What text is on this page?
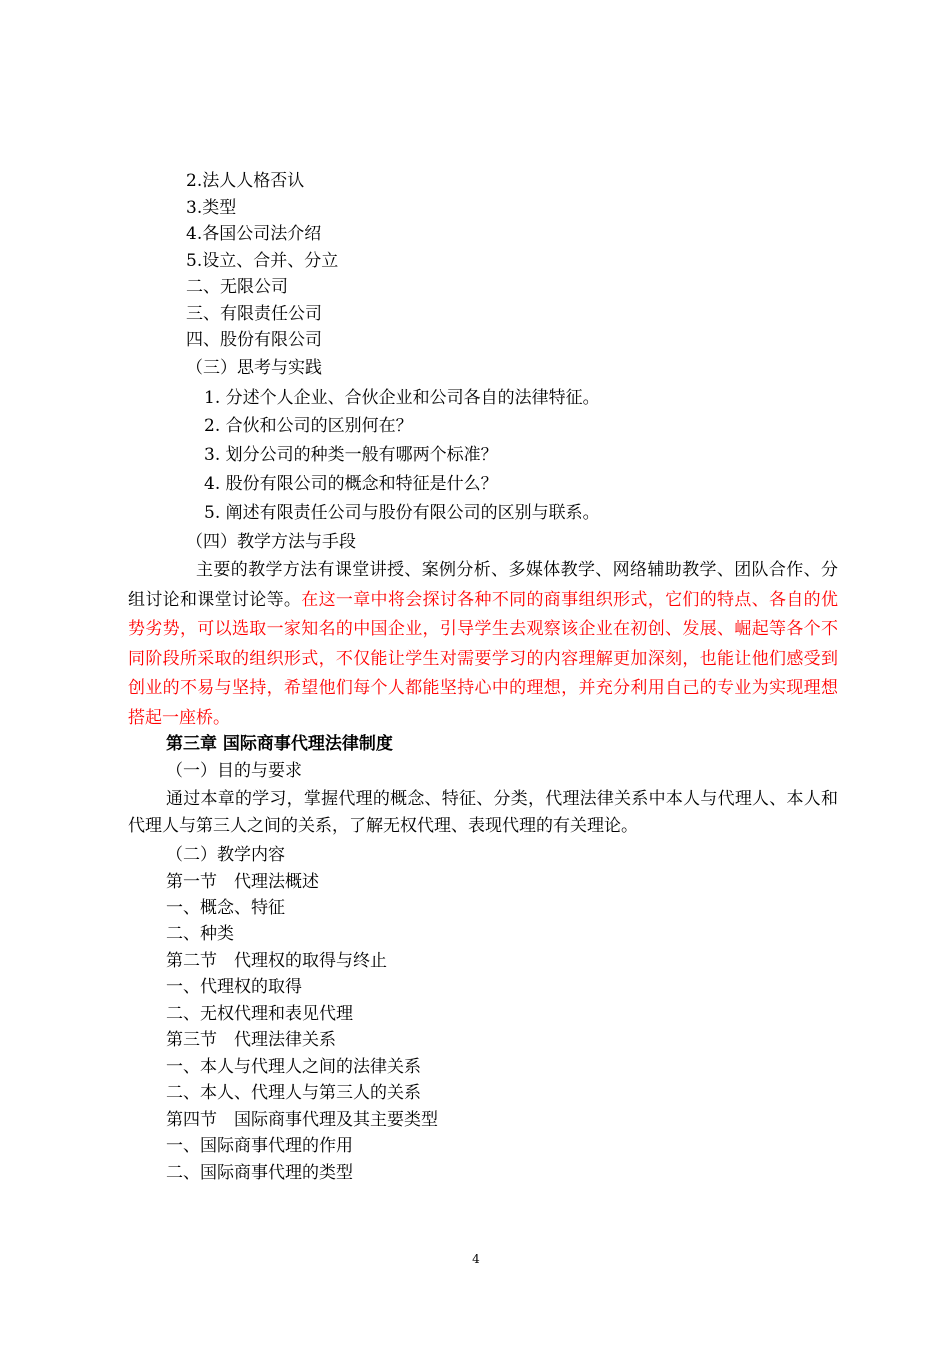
2.法人人格否认
3.类型
4.各国公司法介绍
5.设立、合并、分立
二、无限公司
三、有限责任公司
四、股份有限公司
（三）思考与实践
1. 分述个人企业、合伙企业和公司各自的法律特征。
2. 合伙和公司的区别何在？
3. 划分公司的种类一般有哪两个标准？
4. 股份有限公司的概念和特征是什么？
5. 阐述有限责任公司与股份有限公司的区别与联系。
（四）教学方法与手段
主要的教学方法有课堂讲授、案例分析、多媒体教学、网络辅助教学、团队合作、分组讨论和课堂讨论等。在这一章中将会探讨各种不同的商事组织形式，它们的特点、各自的优势劣势，可以选取一家知名的中国企业，引导学生去观察该企业在初创、发展、崛起等各个不同阶段所采取的组织形式，不仅能让学生对需要学习的内容理解更加深刻，也能让他们感受到创业的不易与坚持，希望他们每个人都能坚持心中的理想，并充分利用自己的专业为实现理想搭起一座桥。
第三章 国际商事代理法律制度
（一）目的与要求
通过本章的学习，掌握代理的概念、特征、分类，代理法律关系中本人与代理人、本人和代理人与第三人之间的关系，了解无权代理、表现代理的有关理论。
（二）教学内容
第一节　代理法概述
一、概念、特征
二、种类
第二节　代理权的取得与终止
一、代理权的取得
二、无权代理和表见代理
第三节　代理法律关系
一、本人与代理人之间的法律关系
二、本人、代理人与第三人的关系
第四节　国际商事代理及其主要类型
一、国际商事代理的作用
二、国际商事代理的类型
4
